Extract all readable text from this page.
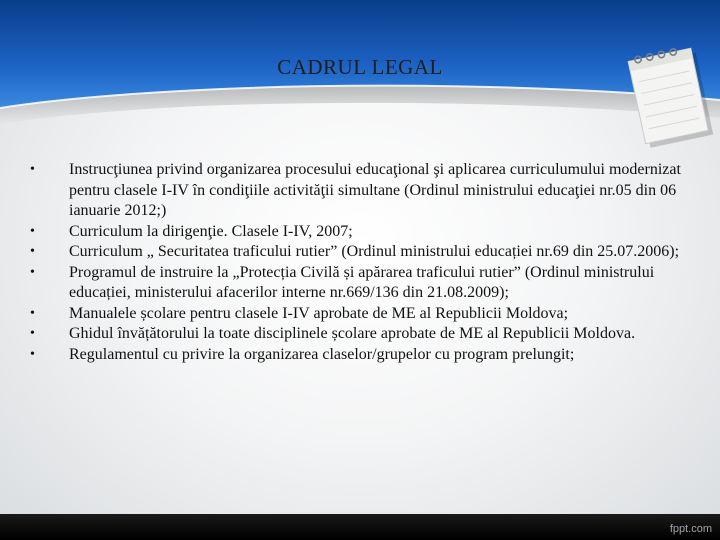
CADRUL LEGAL
•	Instrucţiunea privind organizarea procesului educaţional şi aplicarea curriculumului modernizat pentru clasele I-IV în condiţiile activităţii simultane (Ordinul ministrului educaţiei nr.05 din 06 ianuarie 2012;)
•	Curriculum la dirigenţie. Clasele I-IV, 2007;
•	Curriculum „ Securitatea traficului rutier” (Ordinul ministrului educației nr.69 din 25.07.2006);
•	Programul de instruire la „Protecția Civilă și apărarea traficului rutier” (Ordinul ministrului educației, ministerului afacerilor interne nr.669/136 din 21.08.2009);
•	Manualele școlare pentru clasele I-IV aprobate de ME al Republicii Moldova;
•	Ghidul învățătorului la toate disciplinele școlare aprobate de ME al Republicii Moldova.
•	Regulamentul cu privire la organizarea claselor/grupelor cu program prelungit;
fppt.com
